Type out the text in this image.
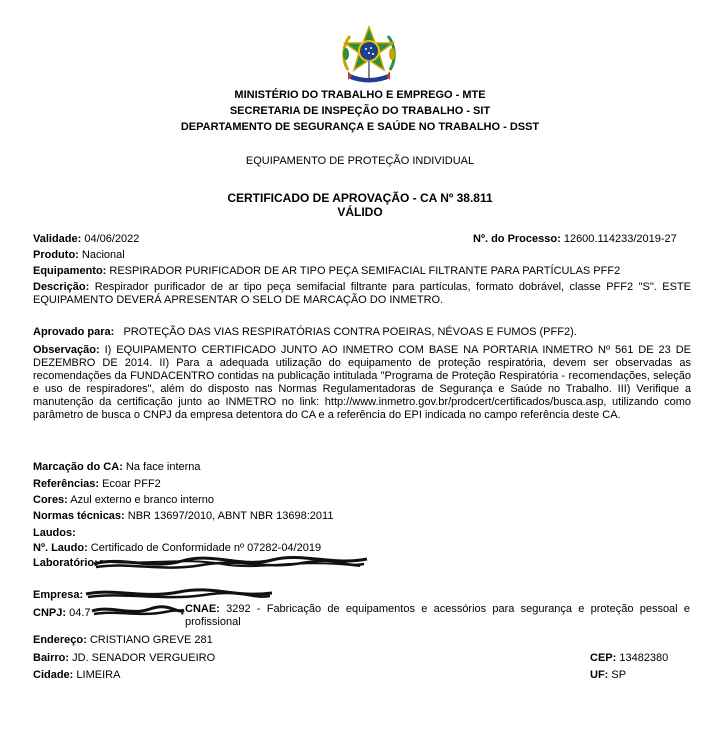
MINISTÉRIO DO TRABALHO E EMPREGO - MTE
SECRETARIA DE INSPEÇÃO DO TRABALHO - SIT
DEPARTAMENTO DE SEGURANÇA E SAÚDE NO TRABALHO - DSST
EQUIPAMENTO DE PROTEÇÃO INDIVIDUAL
CERTIFICADO DE APROVAÇÃO - CA Nº 38.811
VÁLIDO
Validade: 04/06/2022	Nº. do Processo: 12600.114233/2019-27
Produto: Nacional
Equipamento: RESPIRADOR PURIFICADOR DE AR TIPO PEÇA SEMIFACIAL FILTRANTE PARA PARTÍCULAS PFF2
Descrição: Respirador purificador de ar tipo peça semifacial filtrante para partículas, formato dobrável, classe PFF2 "S". ESTE EQUIPAMENTO DEVERÁ APRESENTAR O SELO DE MARCAÇÃO DO INMETRO.
Aprovado para: PROTEÇÃO DAS VIAS RESPIRATÓRIAS CONTRA POEIRAS, NÉVOAS E FUMOS (PFF2).
Observação: I) EQUIPAMENTO CERTIFICADO JUNTO AO INMETRO COM BASE NA PORTARIA INMETRO Nº 561 DE 23 DE DEZEMBRO DE 2014. II) Para a adequada utilização do equipamento de proteção respiratória, devem ser observadas as recomendações da FUNDACENTRO contidas na publicação intitulada "Programa de Proteção Respiratória - recomendações, seleção e uso de respiradores", além do disposto nas Normas Regulamentadoras de Segurança e Saúde no Trabalho. III) Verifique a manutenção da certificação junto ao INMETRO no link: http://www.inmetro.gov.br/prodcert/certificados/busca.asp, utilizando como parâmetro de busca o CNPJ da empresa detentora do CA e a referência do EPI indicada no campo referência deste CA.
Marcação do CA: Na face interna
Referências: Ecoar PFF2
Cores: Azul externo e branco interno
Normas técnicas: NBR 13697/2010, ABNT NBR 13698:2011
Laudos:
Nº. Laudo: Certificado de Conformidade nº 07282-04/2019
Laboratório:
Empresa:
CNPJ: 04.7	CNAE: 3292 - Fabricação de equipamentos e acessórios para segurança e proteção pessoal e profissional
Endereço: CRISTIANO GREVE 281
Bairro: JD. SENADOR VERGUEIRO	CEP: 13482380
Cidade: LIMEIRA	UF: SP
